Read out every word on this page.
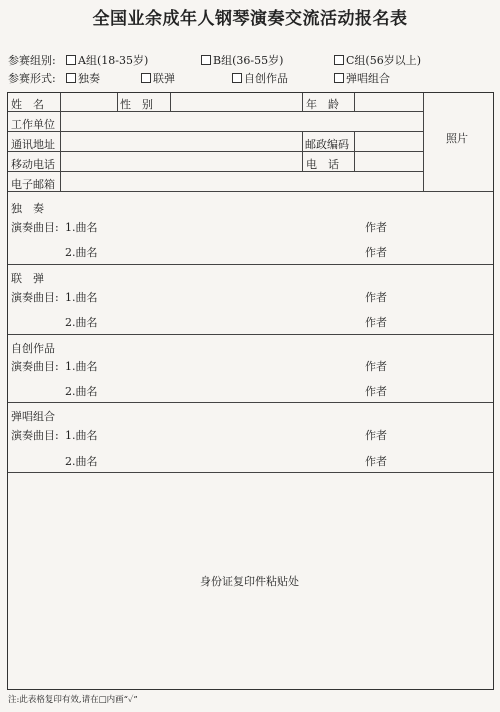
全国业余成年人钢琴演奏交流活动报名表
参赛组别:	A组(18-35岁)	B组(36-55岁)	C组(56岁以上)
参赛形式:	独奏	联弹	自创作品	弹唱组合
姓　名	性　别	年　龄
工作单位
通讯地址	邮政编码
移动电话	电　话
电子邮箱
照片
独　奏
演奏曲目: 1.曲名	作者
2.曲名	作者
联　弹
演奏曲目: 1.曲名	作者
2.曲名	作者
自创作品
演奏曲目: 1.曲名	作者
2.曲名	作者
弹唱组合
演奏曲目: 1.曲名	作者
2.曲名	作者
身份证复印件粘贴处
注:此表格复印有效,请在□内画“✓”
